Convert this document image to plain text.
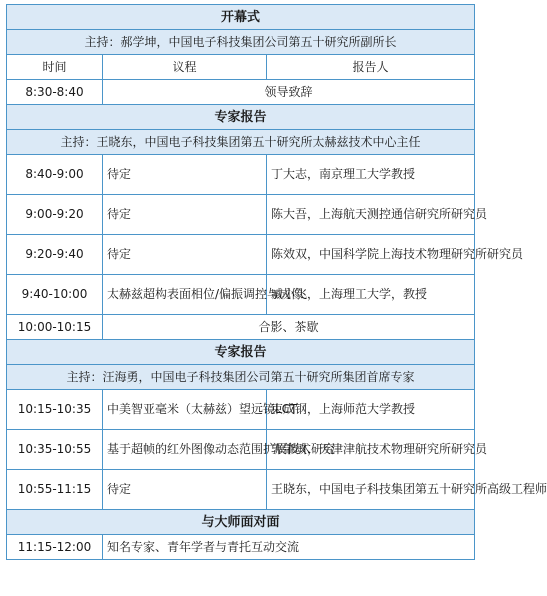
开幕式		
主持：郝学坤，中国电子科技集团公司第五十研究所副所长		
时间	议程	报告人
8:30-8:40	领导致辞	
专家报告		
主持：王晓东，中国电子科技集团第五十研究所太赫兹技术中心主任		
8:40-9:00	待定	丁大志，南京理工大学教授
9:00-9:20	待定	陈大吾，上海航天测控通信研究所研究员
9:20-9:40	待定	陈效双，中国科学院上海技术物理研究所研究员
9:40-10:00	太赫兹超构表面相位/偏振调控与成像	臧小飞，上海理工大学，教授
10:00-10:15	合影、茶歇	
专家报告		
主持：汪海勇，中国电子科技集团公司第五十研究所集团首席专家		
10:15-10:35	中美智亚毫米（太赫兹）望远镜LCT	束成钢，上海师范大学教授
10:35-10:55	基于超帧的红外图像动态范围扩展技术研究	郭肇敏，天津津航技术物理研究所研究员
10:55-11:15	待定	王晓东，中国电子科技集团第五十研究所高级工程师
与大师面对面		
11:15-12:00	知名专家、青年学者与青托互动交流	
